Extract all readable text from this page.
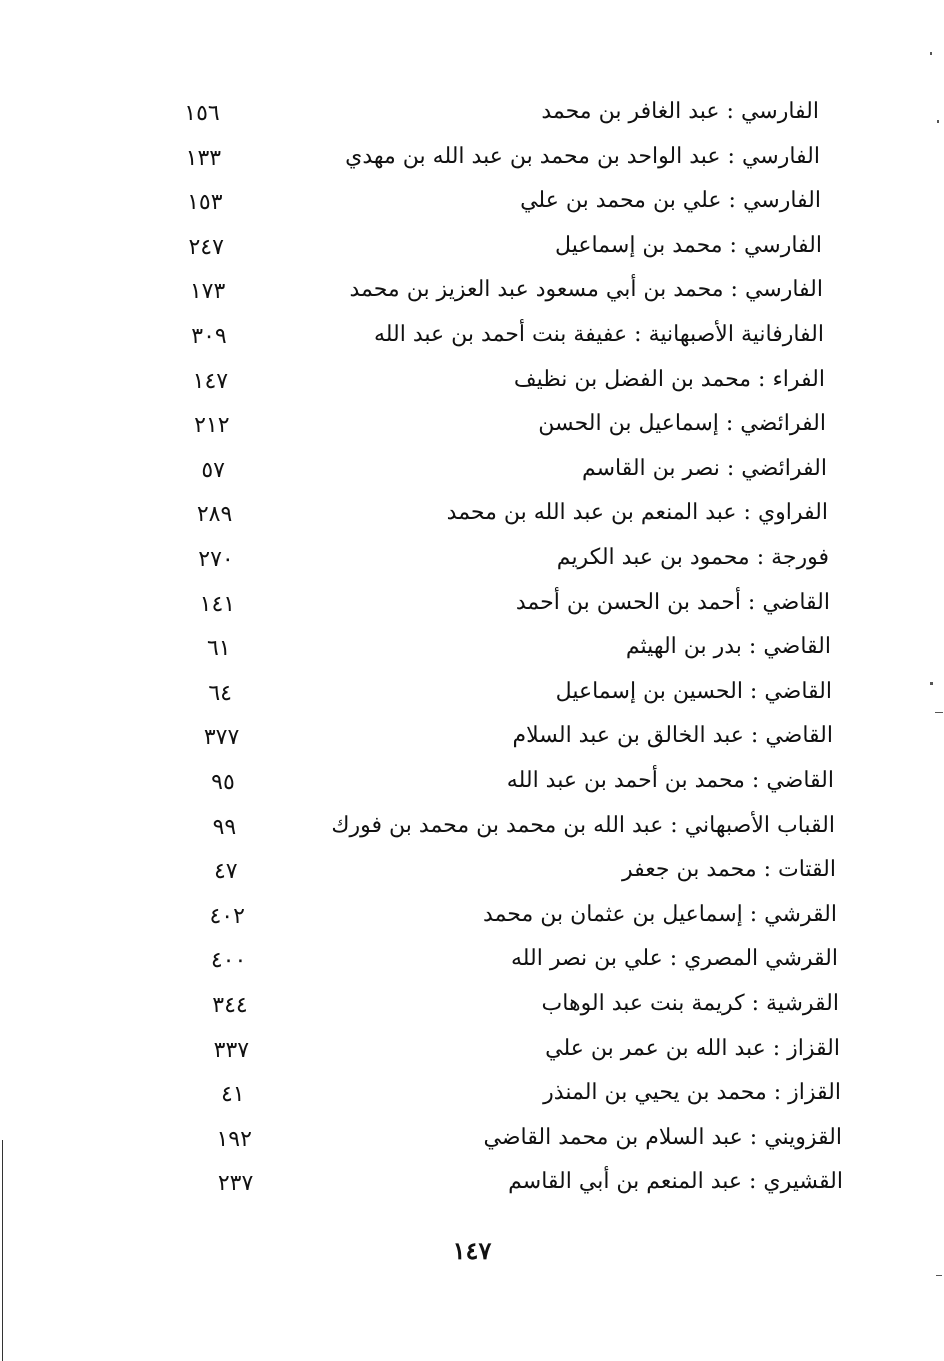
الفارسي : عبد الغافر بن محمد
١٥٦
الفارسي : عبد الواحد بن محمد بن عبد الله بن مهدي
١٣٣
الفارسي : علي بن محمد بن علي
١٥٣
الفارسي : محمد بن إسماعيل
٢٤٧
الفارسي : محمد بن أبي مسعود عبد العزيز بن محمد
١٧٣
الفارفانية الأصبهانية : عفيفة بنت أحمد بن عبد الله
٣٠٩
الفراء : محمد بن الفضل بن نظيف
١٤٧
الفرائضي : إسماعيل بن الحسن
٢١٢
الفرائضي : نصر بن القاسم
٥٧
الفراوي : عبد المنعم بن عبد الله بن محمد
٢٨٩
فورجة : محمود بن عبد الكريم
٢٧٠
القاضي : أحمد بن الحسن بن أحمد
١٤١
القاضي : بدر بن الهيثم
٦١
القاضي : الحسين بن إسماعيل
٦٤
القاضي : عبد الخالق بن عبد السلام
٣٧٧
القاضي : محمد بن أحمد بن عبد الله
٩٥
القباب الأصبهاني : عبد الله بن محمد بن محمد بن فورك
٩٩
القتات : محمد بن جعفر
٤٧
القرشي : إسماعيل بن عثمان بن محمد
٤٠٢
القرشي المصري : علي بن نصر الله
٤٠٠
القرشية : كريمة بنت عبد الوهاب
٣٤٤
القزاز : عبد الله بن عمر بن علي
٣٣٧
القزاز : محمد بن يحيي بن المنذر
٤١
القزويني : عبد السلام بن محمد القاضي
١٩٢
القشيري : عبد المنعم بن أبي القاسم
٢٣٧
١٤٧
